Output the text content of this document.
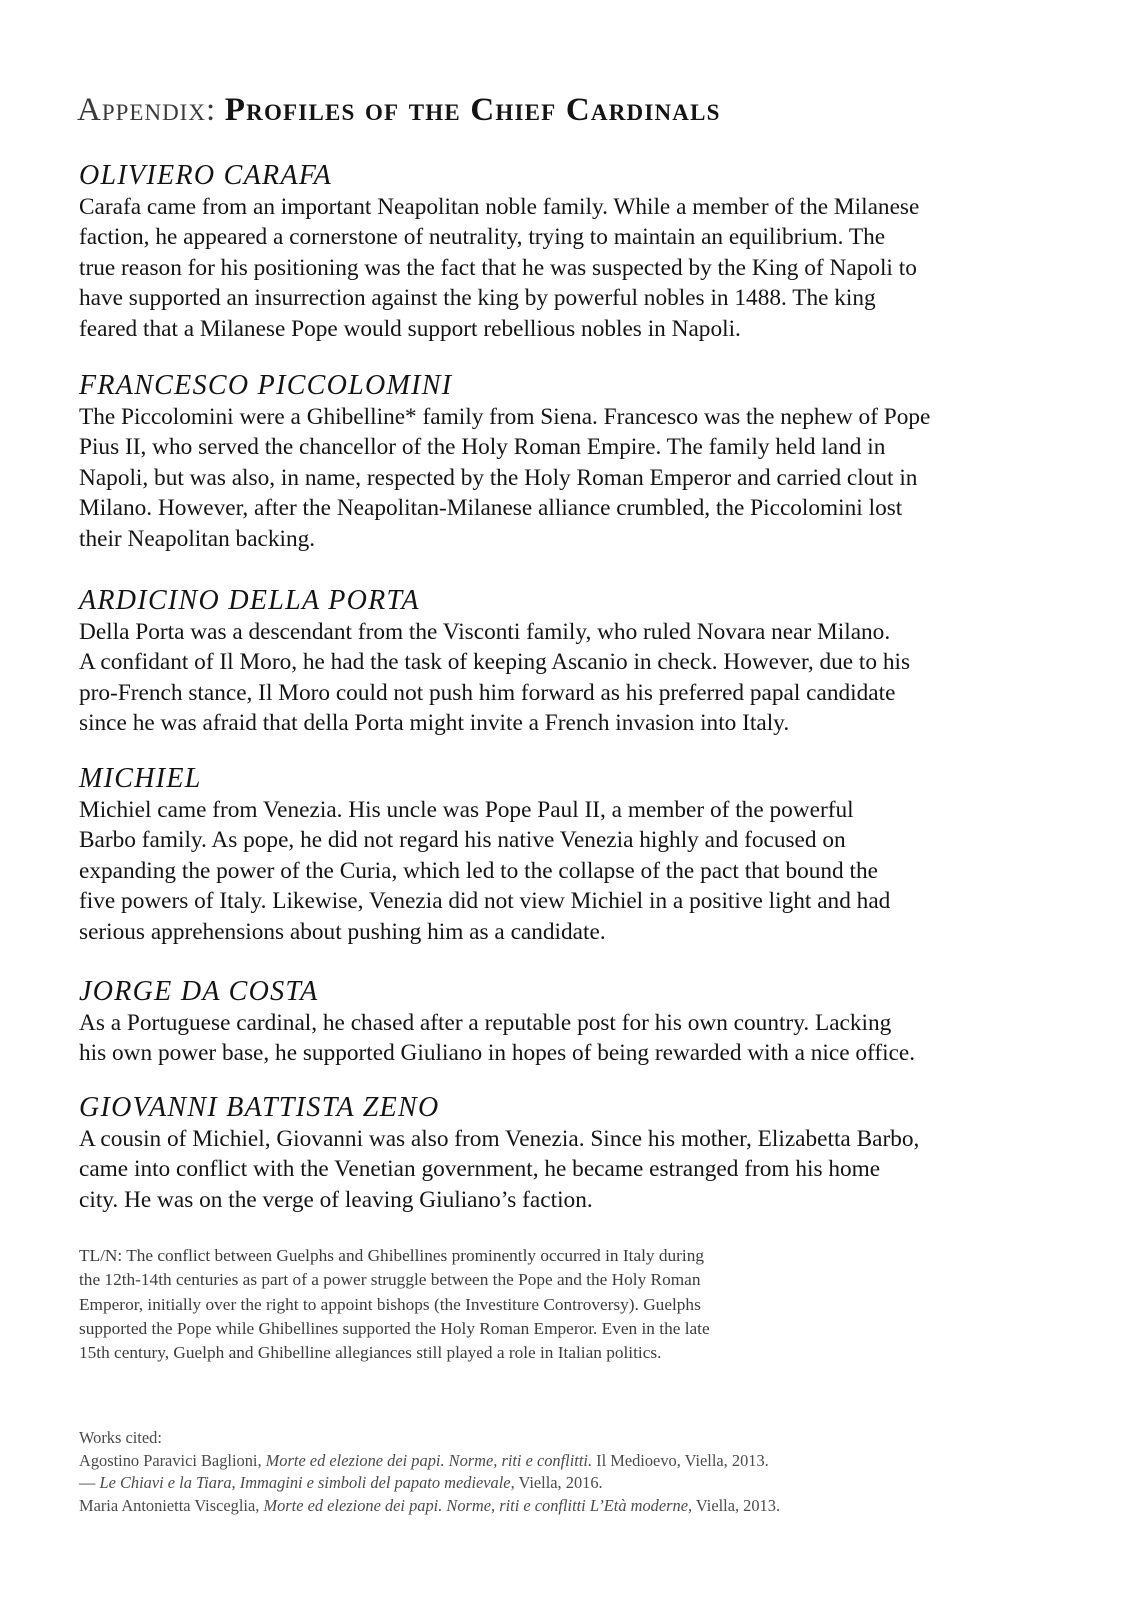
Appendix: Profiles of the Chief Cardinals
OLIVIERO CARAFA

Carafa came from an important Neapolitan noble family. While a member of the Milanese
faction, he appeared a cornerstone of neutrality, trying to maintain an equilibrium. The
true reason for his positioning was the fact that he was suspected by the King of Napoli to
have supported an insurrection against the king by powerful nobles in 1488. The king
feared that a Milanese Pope would support rebellious nobles in Napoli.

FRANCESCO PICCOLOMINI

The Piccolomini were a Ghibelline* family from Siena. Francesco was the nephew of Pope
Pius II, who served the chancellor of the Holy Roman Empire. The family held land in
Napoli, but was also, in name, respected by the Holy Roman Emperor and carried clout in
Milano. However, after the Neapolitan-Milanese alliance crumbled, the Piccolomini lost
their Neapolitan backing.

ARDICINO DELLA PORTA

Della Porta was a descendant from the Visconti family, who ruled Novara near Milano.
A confidant of Il Moro, he had the task of keeping Ascanio in check. However, due to his
pro-French stance, Il Moro could not push him forward as his preferred papal candidate
since he was afraid that della Porta might invite a French invasion into Italy.

MICHIEL

Michiel came from Venezia. His uncle was Pope Paul II, a member of the powerful
Barbo family. As pope, he did not regard his native Venezia highly and focused on
expanding the power of the Curia, which led to the collapse of the pact that bound the
five powers of Italy. Likewise, Venezia did not view Michiel in a positive light and had
serious apprehensions about pushing him as a candidate.

JORGE DA COSTA

As a Portuguese cardinal, he chased after a reputable post for his own country. Lacking
his own power base, he supported Giuliano in hopes of being rewarded with a nice office.

GIOVANNI BATTISTA ZENO

A cousin of Michiel, Giovanni was also from Venezia. Since his mother, Elizabetta Barbo,
came into conflict with the Venetian government, he became estranged from his home
city. He was on the verge of leaving Giuliano’s faction.

TL/N: The conflict between Guelphs and Ghibellines prominently occurred in Italy during
the 12th-14th centuries as part of a power struggle between the Pope and the Holy Roman
Emperor, initially over the right to appoint bishops (the Investiture Controversy). Guelphs
supported the Pope while Ghibellines supported the Holy Roman Emperor. Even in the late
15th century, Guelph and Ghibelline allegiances still played a role in Italian politics.
Works cited:
Agostino Paravici Baglioni, Morte ed elezione dei papi. Norme, riti e conflitti. Il Medioevo, Viella, 2013.
— Le Chiavi e la Tiara, Immagini e simboli del papato medievale, Viella, 2016.
Maria Antonietta Visceglia, Morte ed elezione dei papi. Norme, riti e conflitti L’Età moderne, Viella, 2013.
